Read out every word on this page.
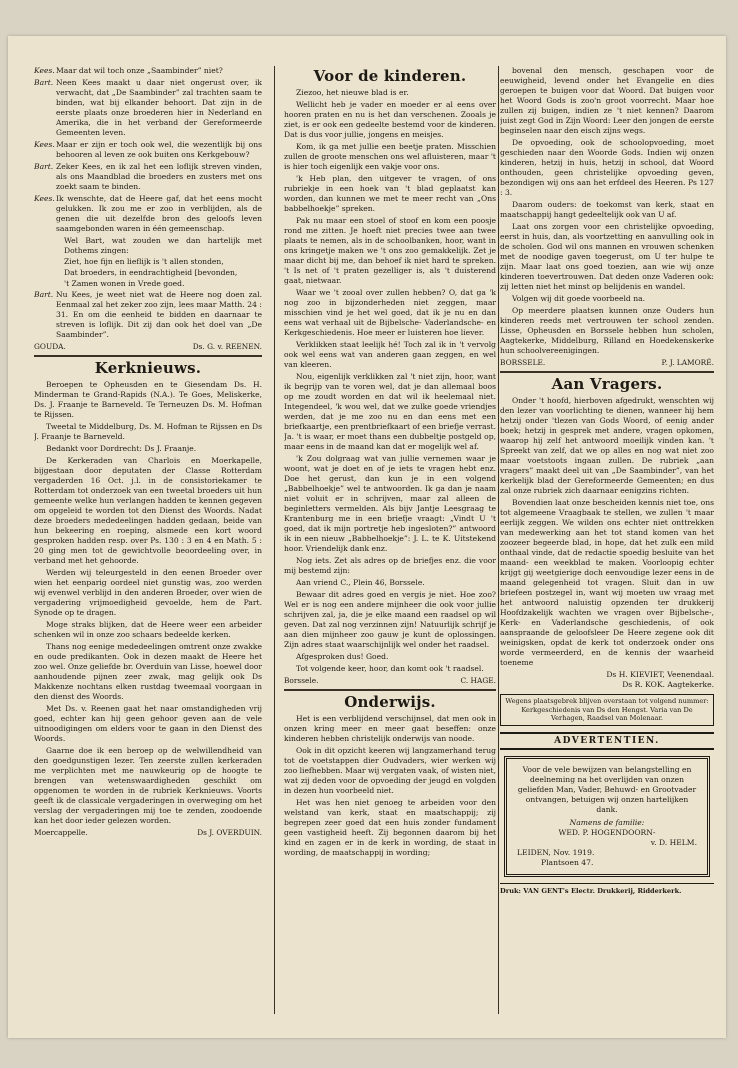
Kees. Maar dat wil toch onze „Saambinder” niet?
Bart. Neen Kees maakt u daar niet ongerust over, ik verwacht, dat „De Saambinder” zal trachten saam te binden, wat bij elkander behoort. Dat zijn in de eerste plaats onze broederen hier in Nederland en Amerika, die in het verband der Gereformeerde Gemeenten leven.
Kees. Maar er zijn er toch ook wel, die wezentlijk bij ons behooren al leven ze ook buiten ons Kerkgebouw?
Bart. Zeker Kees, en ik zal het een loflijk streven vinden, als ons Maandblad die broeders en zusters met ons zoekt saam te binden.
Kees. Ik wenschte, dat de Heere gaf, dat het eens mocht gelukken. Ik zou me er zoo in verblijden, als de genen die uit dezelfde bron des geloofs leven saamgebonden waren in één gemeenschap.
Wel Bart, wat zouden we dan hartelijk met Dothems zingen:
Ziet, hoe fijn en lieflijk is 't allen stonden,
Dat broeders, in eendrachtigheid [bevonden,
't Zamen wonen in Vrede goed.
Bart. Nu Kees, je weet niet wat de Heere nog doen zal. Eenmaal zal het zeker zoo zijn, lees maar Matth. 24 : 31. En om die eenheid te bidden en daarnaar te streven is loflijk. Dit zij dan ook het doel van „De Saambinder”.
GOUDA.	Ds. G. v. REENEN.
Kerknieuws.

Beroepen te Opheusden en te Giesendam Ds. H. Minderman te Grand-Rapids (N.A.). Te Goes, Meliskerke, Ds. J. Fraanje te Barneveld. Te Terneuzen Ds. M. Hofman te Rijssen.

Tweetal te Middelburg, Ds. M. Hofman te Rijssen en Ds J. Fraanje te Barneveld.

Bedankt voor Dordrecht: Ds J. Fraanje.

De Kerkeraden van Charlois en Moerkapelle, bijgestaan door deputaten der Classe Rotterdam vergaderden 16 Oct. j.l. in de consistoriekamer te Rotterdam tot onderzoek van een tweetal broeders uit hun gemeente welke hun verlangen hadden te kennen gegeven om opgeleid te worden tot den Dienst des Woords. Nadat deze broeders mededeelingen hadden gedaan, beide van hun bekeering en roeping, alsmede een kort woord gesproken hadden resp. over Ps. 130 : 3 en 4 en Math. 5 : 20 ging men tot de gewichtvolle beoordeeling over, in verband met het gehoorde.

Werden wij teleurgesteld in den eenen Broeder over wien het eenparig oordeel niet gunstig was, zoo werden wij evenwel verblijd in den anderen Broeder, over wien de vergadering vrijmoedigheid gevoelde, hem de Part. Synode op te dragen.

Moge straks blijken, dat de Heere weer een arbeider schenken wil in onze zoo schaars bedeelde kerken.

Thans nog eenige mededeelingen omtrent onze zwakke en oude predikanten. Ook in dezen maakt de Heere het zoo wel. Onze geliefde br. Overduin van Lisse, hoewel door aanhoudende pijnen zeer zwak, mag gelijk ook Ds Makkenze nochtans elken rustdag tweemaal voorgaan in den dienst des Woords.

Met Ds. v. Reenen gaat het naar omstandigheden vrij goed, echter kan hij geen gehoor geven aan de vele uitnoodigingen om elders voor te gaan in den Dienst des Woords.

Gaarne doe ik een beroep op de welwillendheid van den goedgunstigen lezer. Ten zeerste zullen kerkeraden me verplichten met me nauwkeurig op de hoogte te brengen van wetenswaardigheden geschikt om opgenomen te worden in de rubriek Kerknieuws. Voorts geeft ik de classicale vergaderingen in overweging om het verslag der vergaderingen mij toe te zenden, zoodoende kan het door ieder gelezen worden.

Moercappelle.	Ds J. OVERDUIN.
Voor de kinderen.

Ziezoo, het nieuwe blad is er.

Wellicht heb je vader en moeder er al eens over hooren praten en nu is het dan verschenen. Zooals je ziet, is er ook een gedeelte bestemd voor de kinderen. Dat is dus voor jullie, jongens en meisjes.

Kom, ik ga met jullie een beetje praten. Misschien zullen de groote menschen ons wel afluisteren, maar 't is hier toch eigenlijk een vakje voor ons.

'k Heb plan, den uitgever te vragen, of ons rubriekje in een hoek van 't blad geplaatst kan worden, dan kunnen we met te meer recht van „Ons babbelhoekje” spreken.

Pak nu maar een stoel of stoof en kom een poosje rond me zitten. Je hoeft niet precies twee aan twee plaats te nemen, als in de schoolbanken, hoor, want in ons kringetje maken we 't ons zoo gemakkelijk. Zet je maar dicht bij me, dan behoef ik niet hard te spreken. 't Is net of 't praten gezelliger is, als 't duisterend gaat, nietwaar.

Waar we 't zooal over zullen hebben? O, dat ga 'k nog zoo in bijzonderheden niet zeggen, maar misschien vind je het wel goed, dat ik je nu en dan eens wat verhaal uit de Bijbelsche- Vaderlandsche- en Kerkgeschiedenis. Hoe meer er luisteren hoe liever.

Verklikken staat leelijk hé! Toch zal ik in 't vervolg ook wel eens wat van anderen gaan zeggen, en wel van kleeren.

Nou, eigenlijk verklikken zal 't niet zijn, hoor, want ik begrijp van te voren wel, dat je dan allemaal boos op me zoudt worden en dat wil ik heelemaal niet. Integendeel, 'k wou wel, dat we zulke goede vriendjes werden, dat je me zoo nu en dan eens met een briefkaartje, een prentbriefkaart of een briefje verrast. Ja. 't is waar, er moet thans een dubbeltje postgeld op, maar eens in de maand kan dat er mogelijk wel af.

'k Zou dolgraag wat van jullie vernemen waar je woont, wat je doet en of je iets te vragen hebt enz. Doe het gerust, dan kun je in een volgend „Babbelhoekje” wel te antwoorden. Ik ga dan je naam niet voluit er in schrijven, maar zal alleen de beginletters vermelden. Als bijv Jantje Leesgraag te Krantenburg me in een briefje vraagt: „Vindt U 't goed, dat ik mijn portretje heb ingesloten?” antwoord ik in een nieuw „Babbelhoekje”: J. L. te K. Uitstekend hoor. Vriendelijk dank enz.

Nog iets. Zet als adres op de briefjes enz. die voor mij bestemd zijn:

Aan vriend C., Plein 46, Borssele.

Bewaar dit adres goed en vergis je niet. Hoe zoo? Wel er is nog een andere mijnheer die ook voor jullie schrijven zal, ja, die je elke maand een raadsel op wil geven. Dat zal nog verzinnen zijn! Natuurlijk schrijf je aan dien mijnheer zoo gauw je kunt de oplossingen. Zijn adres staat waarschijnlijk wel onder het raadsel.

Afgesproken dus! Goed.

Tot volgende keer, hoor, dan komt ook 't raadsel.

Borssele.	C. HAGE.
Onderwijs.

Het is een verblijdend verschijnsel, dat men ook in onzen kring meer en meer gaat beseffen: onze kinderen hebben christelijk onderwijs van noode.

Ook in dit opzicht keeren wij langzamerhand terug tot de voetstappen dier Oudvaders, wier werken wij zoo liefhebben. Maar wij vergaten vaak, of wisten niet, wat zij deden voor de opvoeding der jeugd en volgden in dezen hun voorbeeld niet.

Het was hen niet genoeg te arbeiden voor den welstand van kerk, staat en maatschappij; zij begrepen zeer goed dat een huis zonder fundament geen vastigheid heeft. Zij begonnen daarom bij het kind en zagen er in de kerk in wording, de staat in wording, de maatschappij in wording;

bovenal den mensch, geschapen voor de eeuwigheid, levend onder het Evangelie en dies geroepen te buigen voor dat Woord. Dat buigen voor het Woord Gods is zoo'n groot voorrecht. Maar hoe zullen zij buigen, indien ze 't niet kennen? Daarom juist zegt God in Zijn Woord: Leer den jongen de eerste beginselen naar den eisch zijns wegs.

De opvoeding, ook de schoolopvoeding, moet geschieden naar den Woorde Gods. Indien wij onzen kinderen, hetzij in huis, hetzij in school, dat Woord onthouden, geen christelijke opvoeding geven, bezondigen wij ons aan het erfdeel des Heeren. Ps 127 : 3.

Daarom ouders: de toekomst van kerk, staat en maatschappij hangt gedeeltelijk ook van U af.

Laat ons zorgen voor een christelijke opvoeding, eerst in huis, dan, als voortzetting en aanvulling ook in de scholen. God wil ons mannen en vrouwen schenken met de noodige gaven toegerust, om U ter hulpe te zijn. Maar laat ons goed toezien, aan wie wij onze kinderen toevertrouwen. Dat deden onze Vaderen ook: zij letten niet het minst op belijdenis en wandel.

Volgen wij dit goede voorbeeld na.

Op meerdere plaatsen kunnen onze Ouders hun kinderen reeds met vertrouwen ter school zenden. Lisse, Opheusden en Borssele hebben hun scholen, Aagtekerke, Middelburg, Rilland en Hoedekenskerke hun schoolvereenigingen.

BORSSELE.	P. J. LAMORÉ.
Aan Vragers.

Onder 't hoofd, hierboven afgedrukt, wenschten wij den lezer van voorlichting te dienen, wanneer hij hem hetzij onder 'tlezen van Gods Woord, of eenig ander boek; hetzij in gesprek met andere, vragen opkomen, waarop hij zelf het antwoord moeilijk vinden kan. 't Spreekt van zelf, dat we op alles en nog wat niet zoo maar voetstoots ingaan zullen. De rubriek „aan vragers” maakt deel uit van „De Saambinder”, van het kerkelijk blad der Gereformeerde Gemeenten; en dus zal onze rubriek zich daarnaar eenigzins richten.

Bovendien laat onze bescheiden kennis niet toe, ons tot algemeene Vraagbaak te stellen, we zullen 't maar eerlijk zeggen. We wilden ons echter niet onttrekken van medewerking aan het tot stand komen van het zoozeer begeerde blad, in hope, dat het zulk een mild onthaal vinde, dat de redactie spoedig besluite van het maand- een weekblad te maken. Voorloopig echter krijgt gij weetgierige doch eenvoudige lezer eens in de maand gelegenheid tot vragen. Sluit dan in uw briefeen postzegel in, want wij moeten uw vraag met het antwoord naluistig opzenden ter drukkerij Hoofdzakelijk wachten we vragen over Bijbelsche-, Kerk- en Vaderlandsche geschiedenis, of ook aanspraande de geloofsleer De Heere zegene ook dit weinigsken, opdat de kerk tot onderzoek onder ons worde vermeerderd, en de kennis der waarheid toeneme

Ds H. KIEVIET, Veenendaal.
Ds R. KOK. Aagtekerke.
Wegens plaatsgebrek blijven overstaan tot volgend nummer: Kerkgeschiedenis van Ds den Hengst. Varia van De Verhagen, Raadsel van Molenaar.
ADVERTENTIEN.
Voor de vele bewijzen van belangstelling en deelneming na het overlijden van onzen geliefden Man, Vader, Behuwd- en Grootvader ontvangen, betuigen wij onzen hartelijken dank.
Namens de familie:
WED. P. HOGENDOORN-
v. D. HELM.
LEIDEN, Nov. 1919.
Plantsoen 47.
Druk: VAN GENT's Electr. Drukkerij, Ridderkerk.
